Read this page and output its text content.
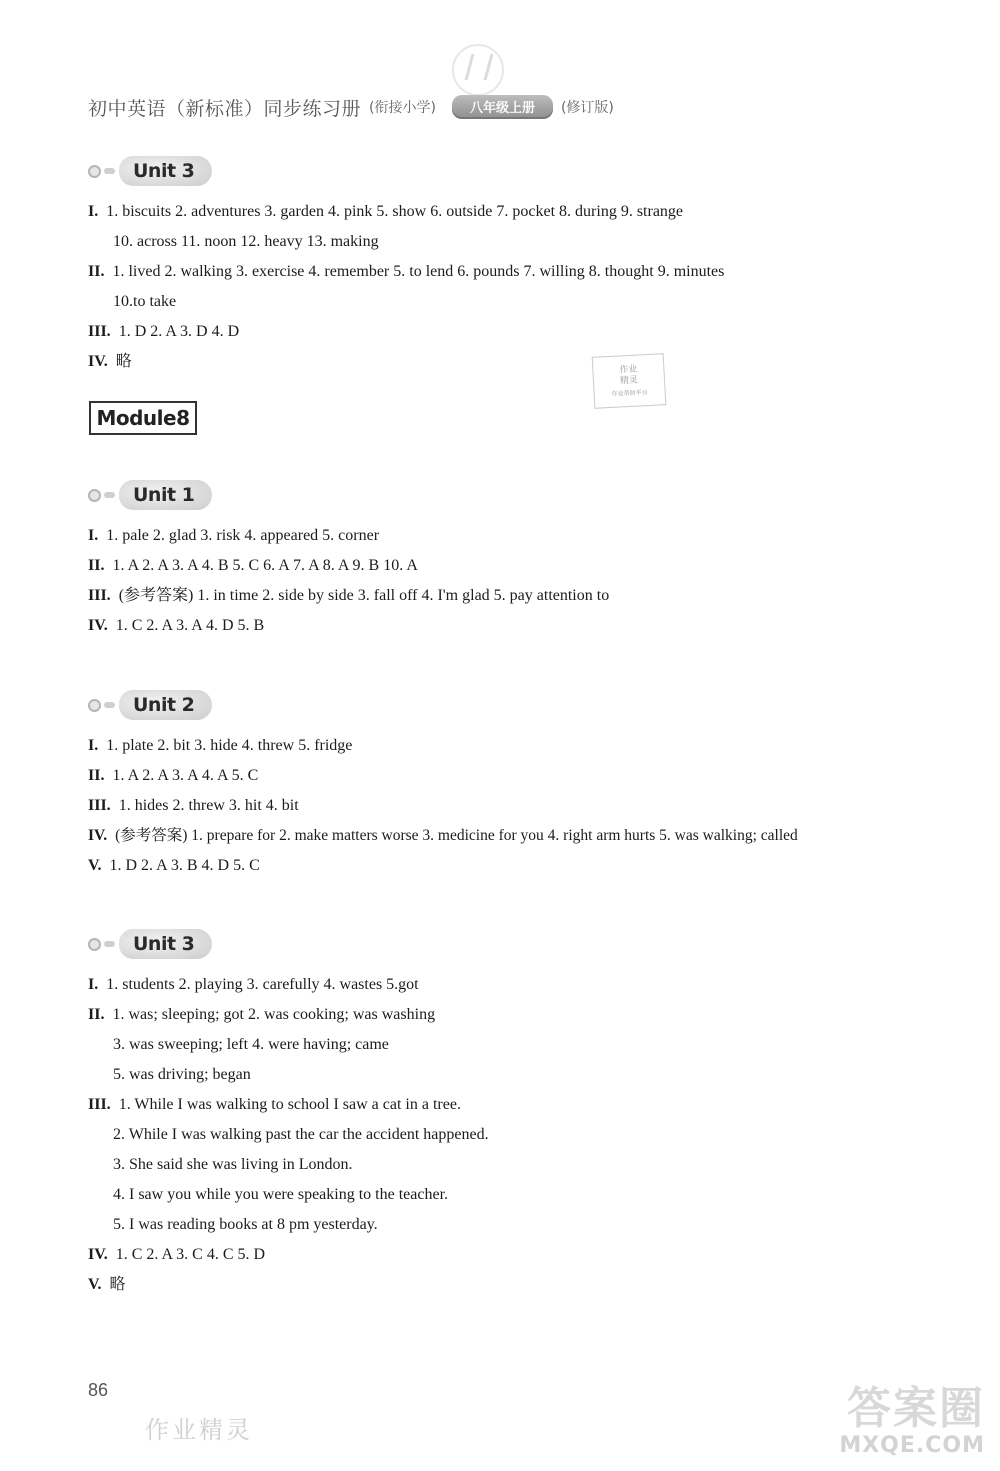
初中英语（新标准）同步练习册 (衔接小学)	八年级上册	(修订版)
Unit 3
I. 1. biscuits 2. adventures 3. garden 4. pink 5. show 6. outside 7. pocket 8. during 9. strange
10. across 11. noon 12. heavy 13. making
II. 1. lived 2. walking 3. exercise 4. remember 5. to lend 6. pounds 7. willing 8. thought 9. minutes
10.to take
III. 1. D 2. A 3. D 4. D
IV. 略	作业
精灵
作业帮助平台
Module8
Unit 1
I. 1. pale 2. glad 3. risk 4. appeared 5. corner
II. 1. A 2. A 3. A 4. B 5. C 6. A 7. A 8. A 9. B 10. A
III. (参考答案) 1. in time 2. side by side 3. fall off 4. I'm glad 5. pay attention to
IV. 1. C 2. A 3. A 4. D 5. B
Unit 2
I. 1. plate 2. bit 3. hide 4. threw 5. fridge
II. 1. A 2. A 3. A 4. A 5. C
III. 1. hides 2. threw 3. hit 4. bit
IV. (参考答案) 1. prepare for 2. make matters worse 3. medicine for you 4. right arm hurts 5. was walking; called
V. 1. D 2. A 3. B 4. D 5. C
Unit 3
I. 1. students 2. playing 3. carefully 4. wastes 5.got
II. 1. was; sleeping; got 2. was cooking; was washing
3. was sweeping; left 4. were having; came
5. was driving; began
III. 1. While I was walking to school I saw a cat in a tree.
2. While I was walking past the car the accident happened.
3. She said she was living in London.
4. I saw you while you were speaking to the teacher.
5. I was reading books at 8 pm yesterday.
IV. 1. C 2. A 3. C 4. C 5. D
V. 略
86
作业精灵	答案圈
MXQE.COM
